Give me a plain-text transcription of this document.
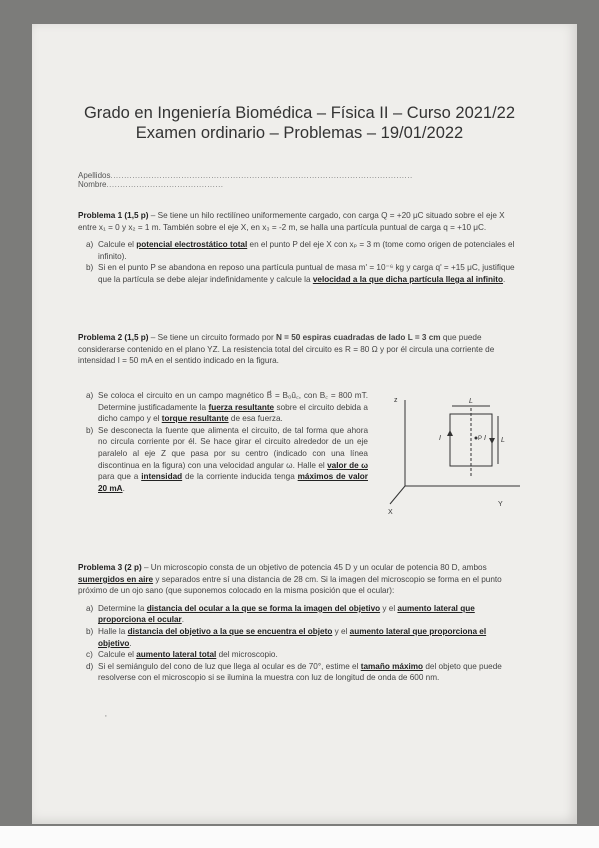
Grado en Ingeniería Biomédica – Física II – Curso 2021/22
Examen ordinario – Problemas – 19/01/2022
Apellidos............................................................................................................... Nombre...........................................

Problema 1 (1,5 p) – Se tiene un hilo rectilíneo uniformemente cargado, con carga Q = +20 μC situado sobre el eje X entre x₁ = 0 y x₂ = 1 m. También sobre el eje X, en x₃ = -2 m, se halla una partícula puntual de carga q = +10 μC.

a) Calcule el potencial electrostático total en el punto P del eje X con xₚ = 3 m (tome como origen de potenciales el infinito).
b) Si en el punto P se abandona en reposo una partícula puntual de masa m' = 10⁻⁶ kg y carga q' = +15 μC, justifique que la partícula se debe alejar indefinidamente y calcule la velocidad a la que dicha partícula llega al infinito.

Problema 2 (1,5 p) – Se tiene un circuito formado por N = 50 espiras cuadradas de lado L = 3 cm que puede considerarse contenido en el plano YZ. La resistencia total del circuito es R = 80 Ω y por él circula una corriente de intensidad I = 50 mA en el sentido indicado en la figura.

a) Se coloca el circuito en un campo magnético B⃗ = B₀û꜀, con B꜀ = 800 mT. Determine justificadamente la fuerza resultante sobre el circuito debida a dicho campo y el torque resultante de esa fuerza.
b) Se desconecta la fuente que alimenta el circuito, de tal forma que ahora no circula corriente por él. Se hace girar el circuito alrededor de un eje paralelo al eje Z que pasa por su centro (indicado con una línea discontinua en la figura) con una velocidad angular ω. Halle el valor de ω para que a intensidad de la corriente inducida tenga máximos de valor 20 mA.
z
Y
X
L
L
I	I
P

Problema 3 (2 p) – Un microscopio consta de un objetivo de potencia 45 D y un ocular de potencia 80 D, ambos sumergidos en aire y separados entre sí una distancia de 28 cm. Si la imagen del microscopio se forma en el punto próximo de un ojo sano (que suponemos colocado en la misma posición que el ocular):

a) Determine la distancia del ocular a la que se forma la imagen del objetivo y el aumento lateral que proporciona el ocular.
b) Halle la distancia del objetivo a la que se encuentra el objeto y el aumento lateral que proporciona el objetivo.
c) Calcule el aumento lateral total del microscopio.
d) Si el semiángulo del cono de luz que llega al ocular es de 70°, estime el tamaño máximo del objeto que puede resolverse con el microscopio si se ilumina la muestra con luz de longitud de onda de 600 nm.
·
